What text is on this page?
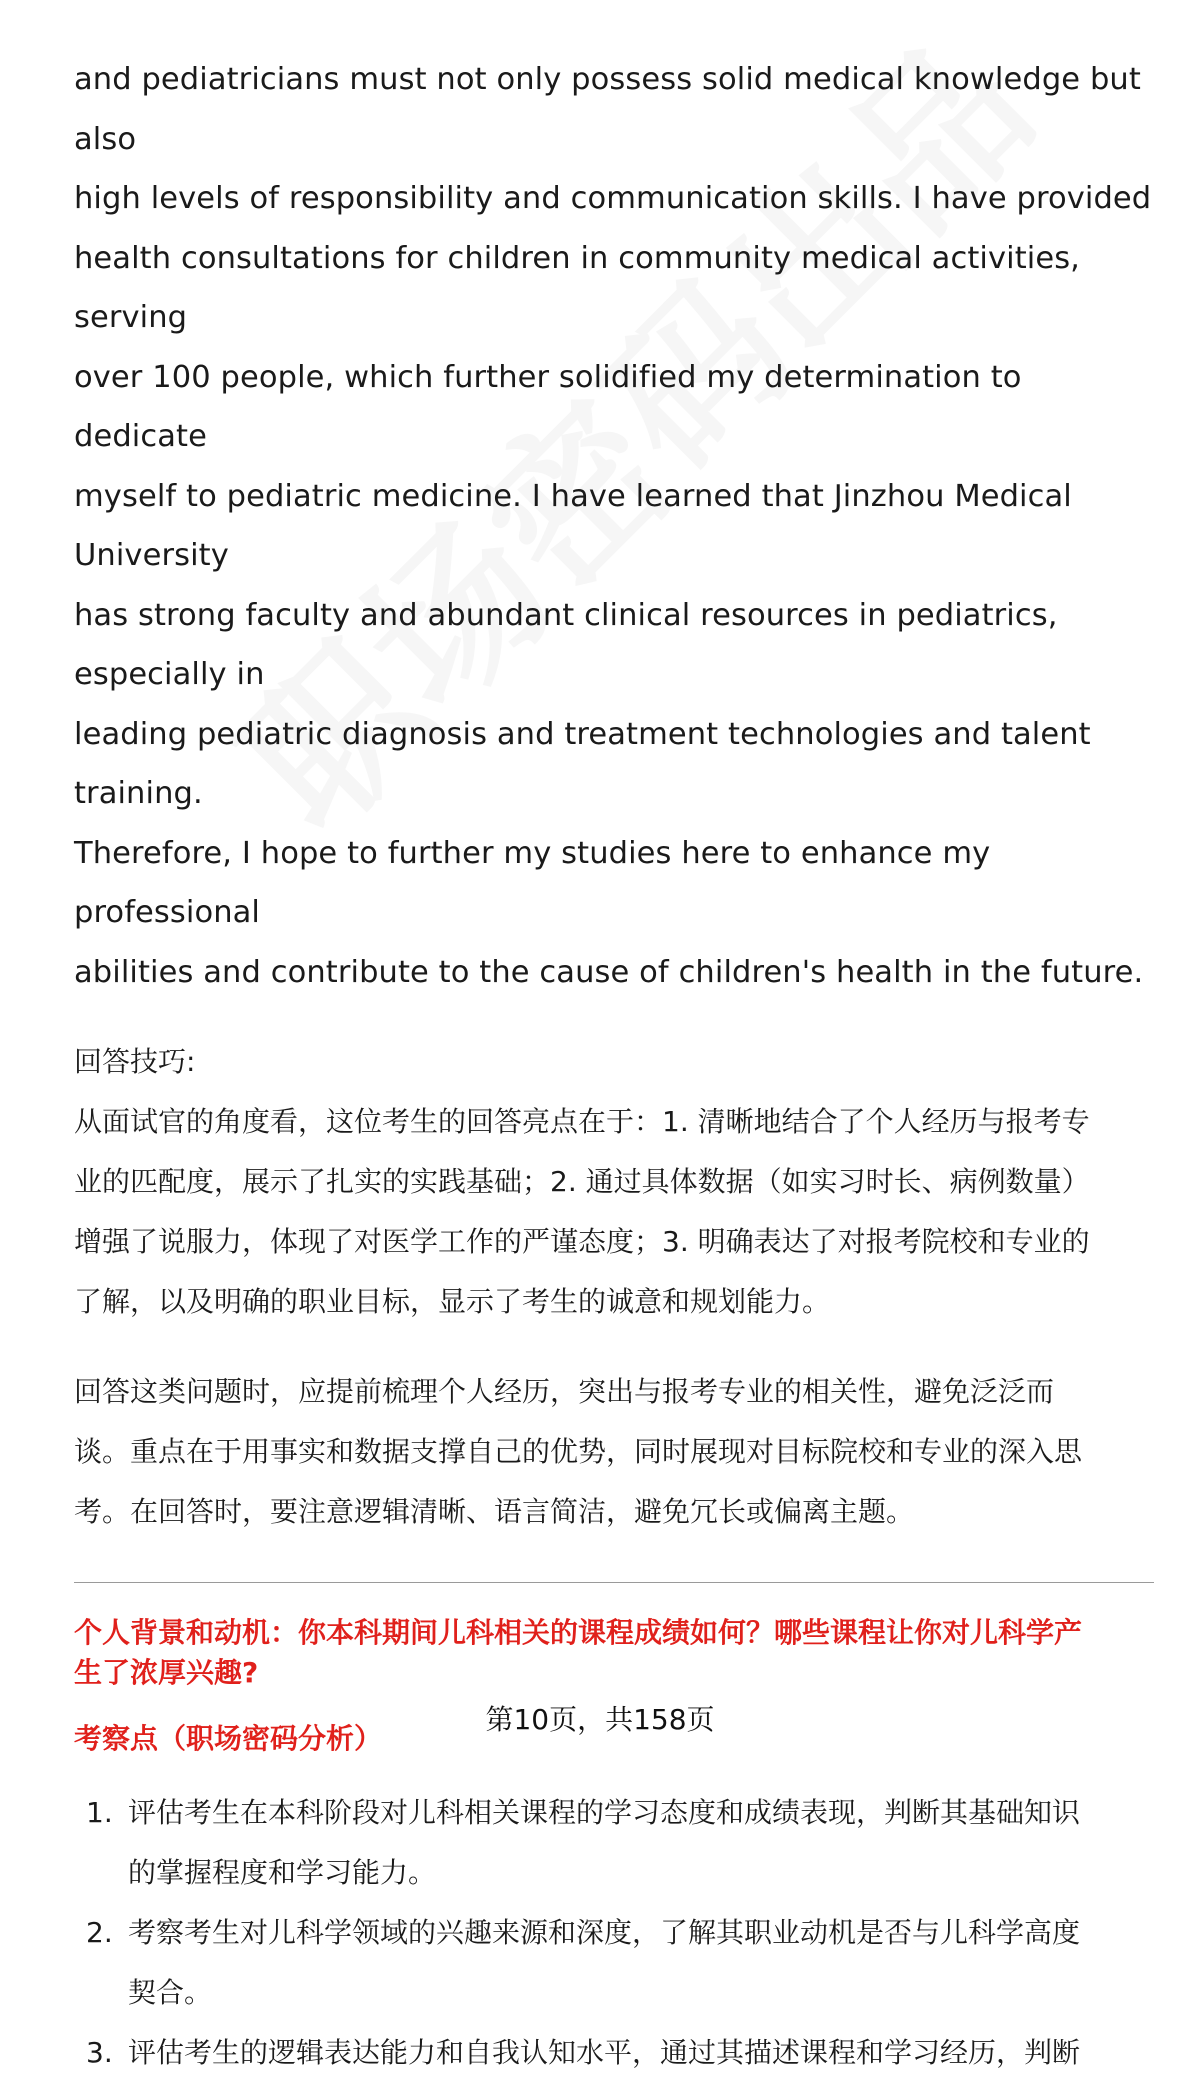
and pediatricians must not only possess solid medical knowledge but also

high levels of responsibility and communication skills. I have provided

health consultations for children in community medical activities, serving

over 100 people, which further solidified my determination to dedicate

myself to pediatric medicine. I have learned that Jinzhou Medical University

has strong faculty and abundant clinical resources in pediatrics, especially in

leading pediatric diagnosis and treatment technologies and talent training.

Therefore, I hope to further my studies here to enhance my professional

abilities and contribute to the cause of children's health in the future.

回答技巧:

从面试官的角度看，这位考生的回答亮点在于：1. 清晰地结合了个人经历与报考专

业的匹配度，展示了扎实的实践基础；2. 通过具体数据（如实习时长、病例数量）

增强了说服力，体现了对医学工作的严谨态度；3. 明确表达了对报考院校和专业的

了解，以及明确的职业目标，显示了考生的诚意和规划能力。

回答这类问题时，应提前梳理个人经历，突出与报考专业的相关性，避免泛泛而

谈。重点在于用事实和数据支撑自己的优势，同时展现对目标院校和专业的深入思

考。在回答时，要注意逻辑清晰、语言简洁，避免冗长或偏离主题。

个人背景和动机：你本科期间儿科相关的课程成绩如何？哪些课程让你对儿科学产
生了浓厚兴趣?
考察点（职场密码分析）
1. 评估考生在本科阶段对儿科相关课程的学习态度和成绩表现，判断其基础知识
的掌握程度和学习能力。
2. 考察考生对儿科学领域的兴趣来源和深度，了解其职业动机是否与儿科学高度
契合。
3. 评估考生的逻辑表达能力和自我认知水平，通过其描述课程和学习经历，判断
第10页，共158页
